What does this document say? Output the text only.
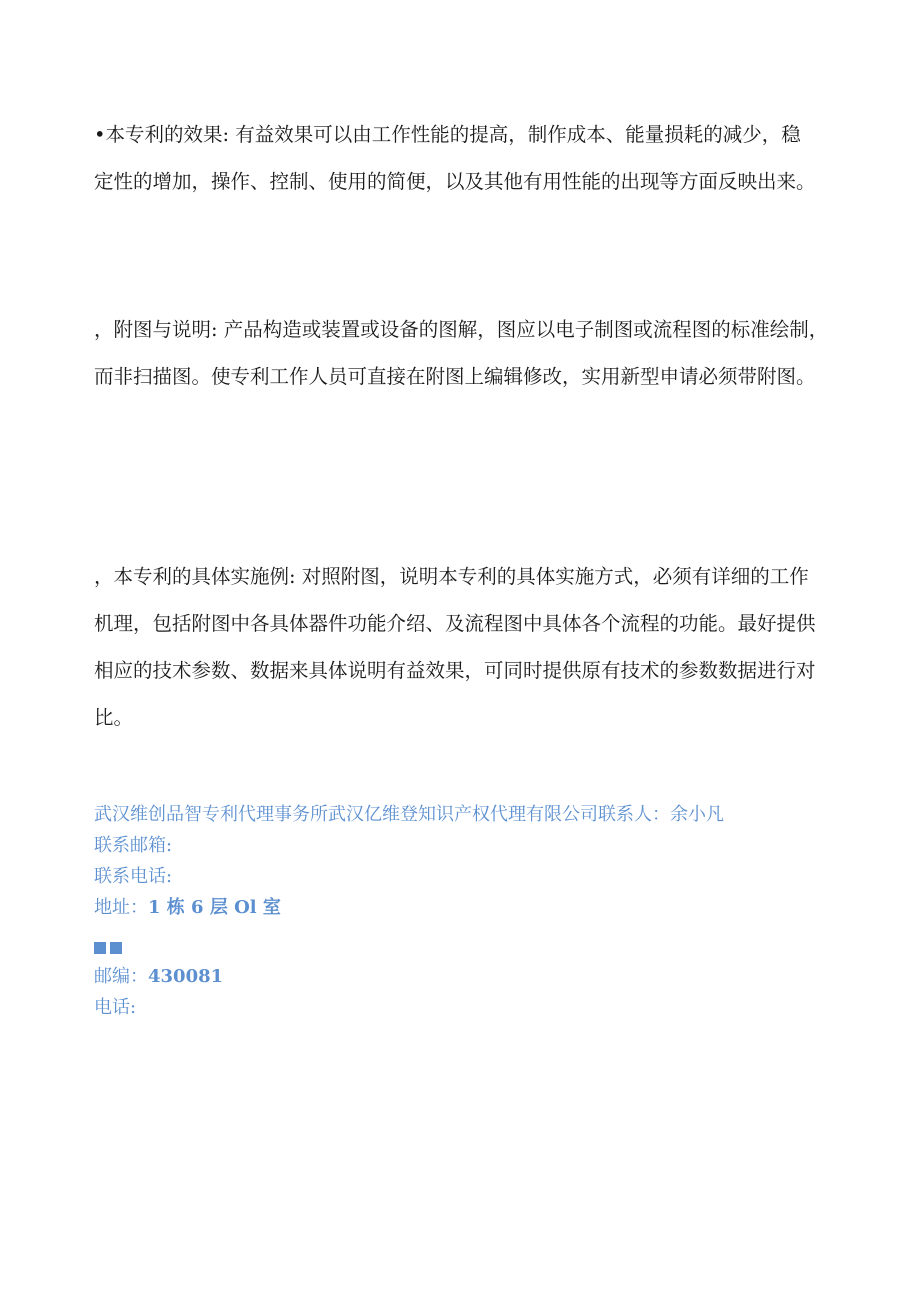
•本专利的效果: 有益效果可以由工作性能的提高，制作成本、能量损耗的减少，稳
定性的增加，操作、控制、使用的简便，以及其他有用性能的出现等方面反映出来。
，附图与说明: 产品构造或装置或设备的图解，图应以电子制图或流程图的标准绘制，
而非扫描图。使专利工作人员可直接在附图上编辑修改，实用新型申请必须带附图。
，本专利的具体实施例: 对照附图，说明本专利的具体实施方式，必须有详细的工作
机理，包括附图中各具体器件功能介绍、及流程图中具体各个流程的功能。最好提供
相应的技术参数、数据来具体说明有益效果，可同时提供原有技术的参数数据进行对
比。
武汉维创品智专利代理事务所武汉亿维登知识产权代理有限公司联系人：余小凡
联系邮箱:
联系电话:
地址：1 栋 6 层 Ol 室
邮编：430081
电话:
